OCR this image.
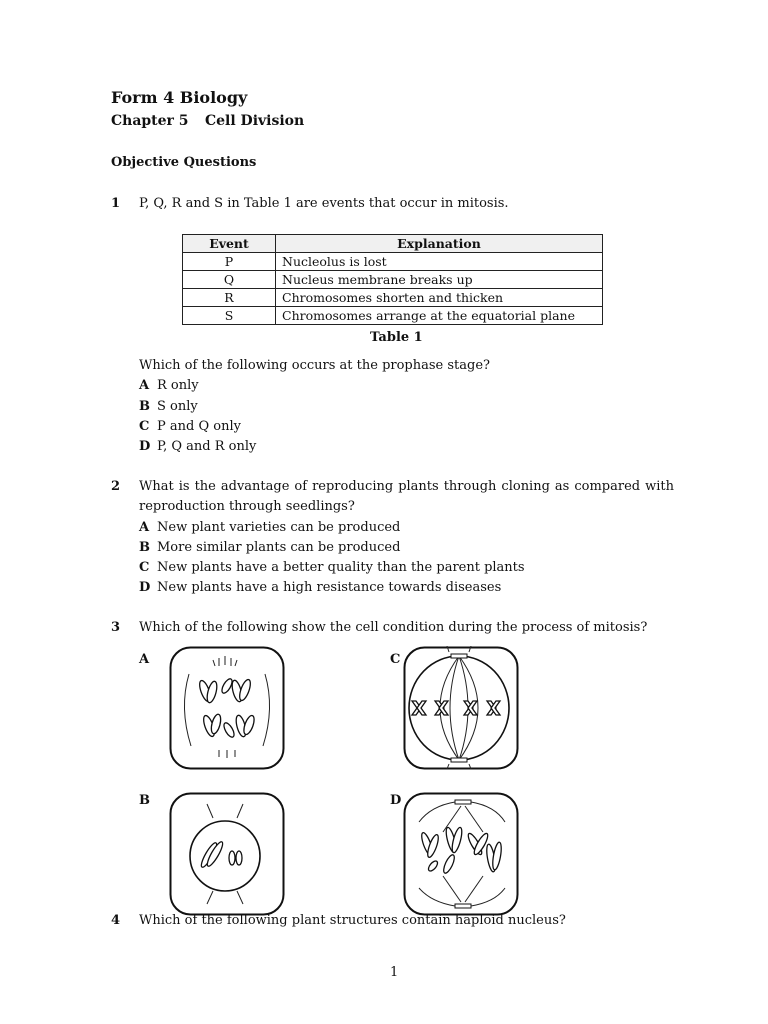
Form 4 Biology
Chapter 5 Cell Division
Objective Questions
1 P, Q, R and S in Table 1 are events that occur in mitosis.
Event	Explanation
P	Nucleolus is lost
Q	Nucleus membrane breaks up
R	Chromosomes shorten and thicken
S	Chromosomes arrange at the equatorial plane
Table 1
Which of the following occurs at the prophase stage?
A R only
B S only
C P and Q only
D P, Q and R only
2 What is the advantage of reproducing plants through cloning as compared with
reproduction through seedlings?
A New plant varieties can be produced
B More similar plants can be produced
C New plants have a better quality than the parent plants
D New plants have a high resistance towards diseases
3 Which of the following show the cell condition during the process of mitosis?
A
B
C
D
4 Which of the following plant structures contain haploid nucleus?
1
